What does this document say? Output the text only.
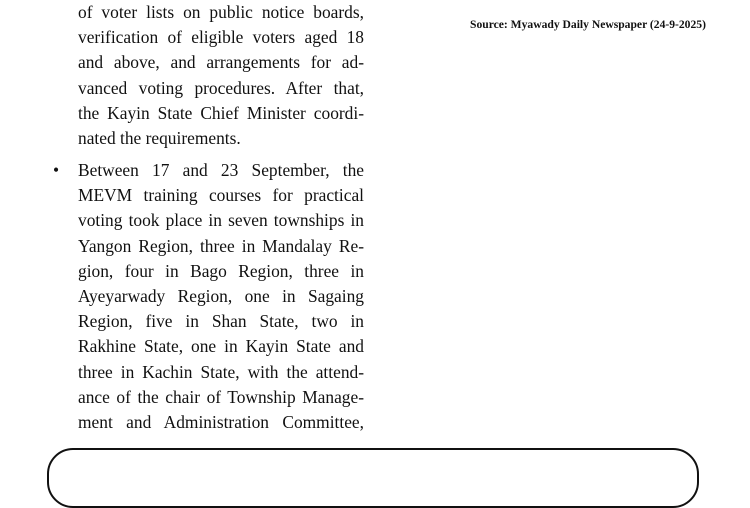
of voter lists on public notice boards,
verification of eligible voters aged 18
and above, and arrangements for ad-
vanced voting procedures. After that,
the Kayin State Chief Minister coordi-
nated the requirements.
• Between 17 and 23 September, the
MEVM training courses for practical
voting took place in seven townships in
Yangon Region, three in Mandalay Re-
gion, four in Bago Region, three in
Ayeyarwady Region, one in Sagaing
Region, five in Shan State, two in
Rakhine State, one in Kayin State and
three in Kachin State, with the attend-
ance of the chair of Township Manage-
ment and Administration Committee,
Source: Myawady Daily Newspaper (24-9-2025)
